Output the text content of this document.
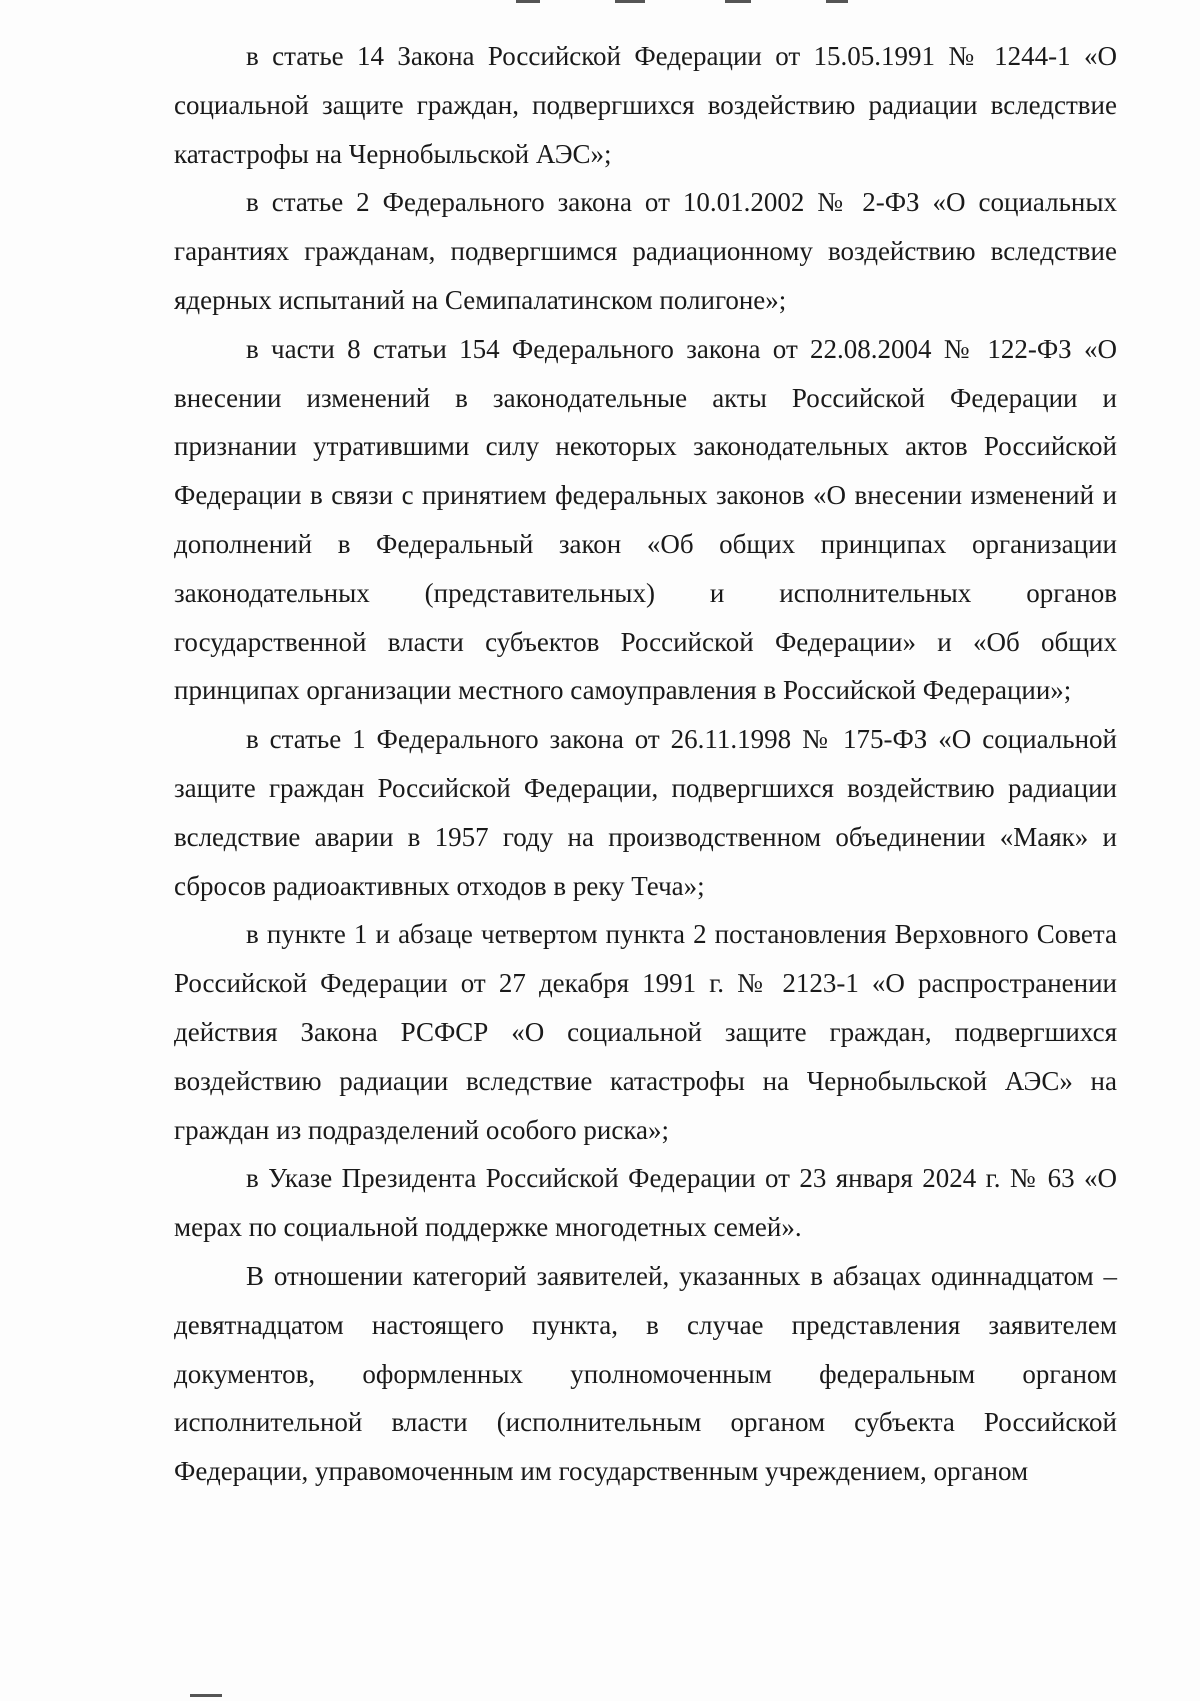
в статье 14 Закона Российской Федерации от 15.05.1991 № 1244-1 «О социальной защите граждан, подвергшихся воздействию радиации вследствие катастрофы на Чернобыльской АЭС»;

в статье 2 Федерального закона от 10.01.2002 № 2-ФЗ «О социальных гарантиях гражданам, подвергшимся радиационному воздействию вследствие ядерных испытаний на Семипалатинском полигоне»;

в части 8 статьи 154 Федерального закона от 22.08.2004 № 122-ФЗ «О внесении изменений в законодательные акты Российской Федерации и признании утратившими силу некоторых законодательных актов Российской Федерации в связи с принятием федеральных законов «О внесении изменений и дополнений в Федеральный закон «Об общих принципах организации законодательных (представительных) и исполнительных органов государственной власти субъектов Российской Федерации» и «Об общих принципах организации местного самоуправления в Российской Федерации»;

в статье 1 Федерального закона от 26.11.1998 № 175-ФЗ «О социальной защите граждан Российской Федерации, подвергшихся воздействию радиации вследствие аварии в 1957 году на производственном объединении «Маяк» и сбросов радиоактивных отходов в реку Теча»;

в пункте 1 и абзаце четвертом пункта 2 постановления Верховного Совета Российской Федерации от 27 декабря 1991 г. № 2123-1 «О распространении действия Закона РСФСР «О социальной защите граждан, подвергшихся воздействию радиации вследствие катастрофы на Чернобыльской АЭС» на граждан из подразделений особого риска»;

в Указе Президента Российской Федерации от 23 января 2024 г. № 63 «О мерах по социальной поддержке многодетных семей».

В отношении категорий заявителей, указанных в абзацах одиннадцатом – девятнадцатом настоящего пункта, в случае представления заявителем документов, оформленных уполномоченным федеральным органом исполнительной власти (исполнительным органом субъекта Российской Федерации, управомоченным им государственным учреждением, органом
